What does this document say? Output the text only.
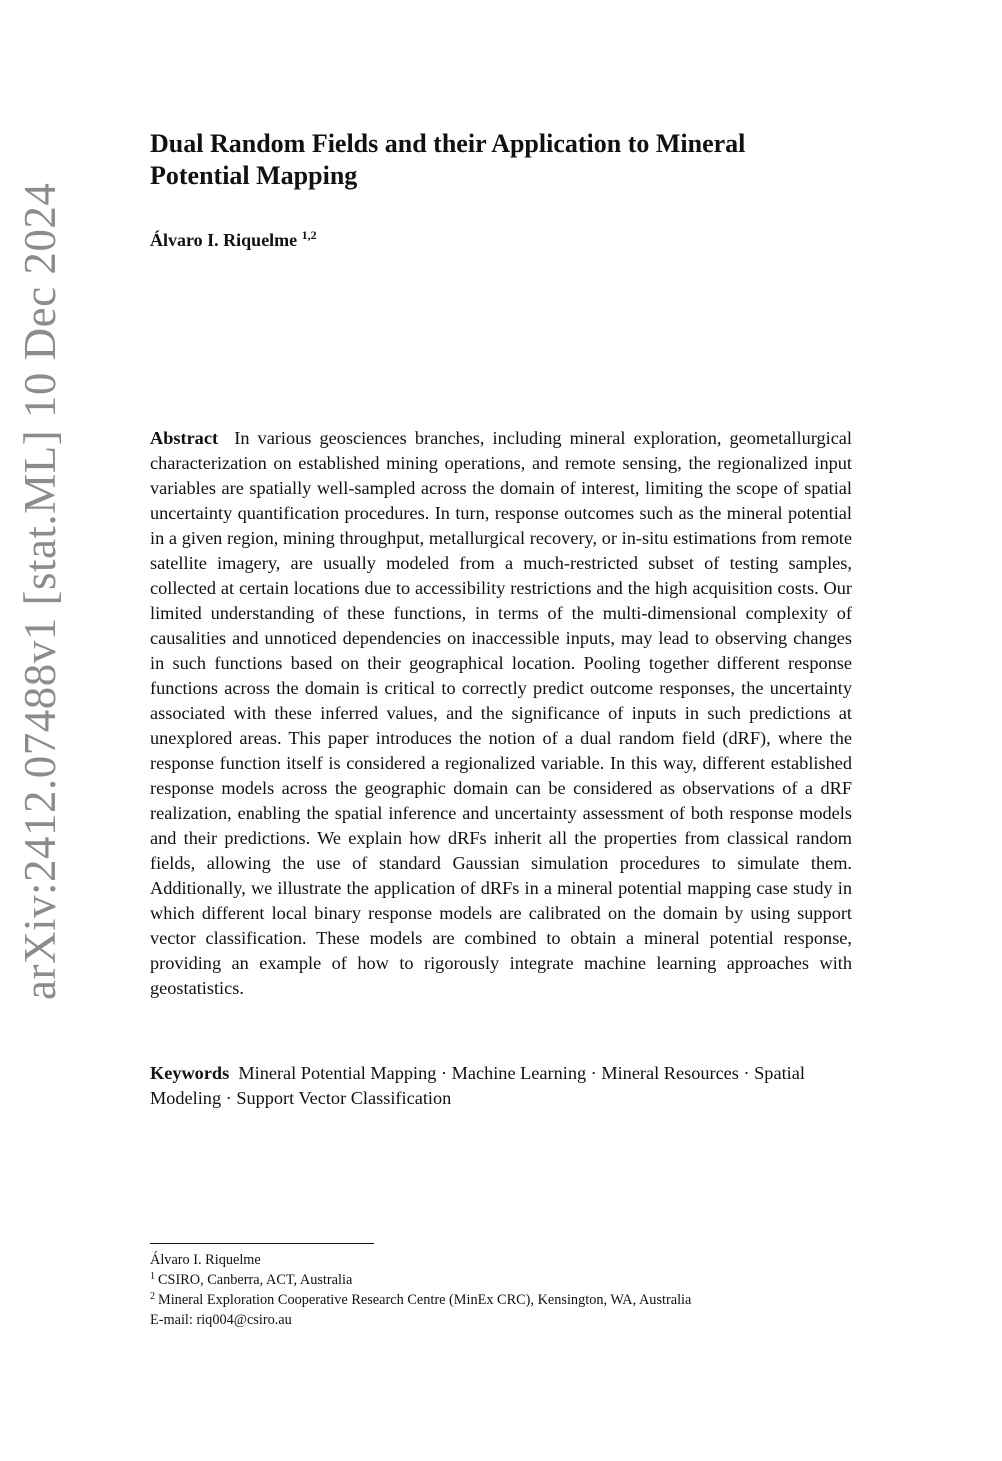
arXiv:2412.07488v1 [stat.ML] 10 Dec 2024
Dual Random Fields and their Application to Mineral Potential Mapping
Álvaro I. Riquelme $^{1,2}$

Abstract In various geosciences branches, including mineral exploration, geometallurgical characterization on established mining operations, and remote sensing, the regionalized input variables are spatially well-sampled across the domain of interest, limiting the scope of spatial uncertainty quantification procedures. In turn, response outcomes such as the mineral potential in a given region, mining throughput, metallurgical recovery, or in-situ estimations from remote satellite imagery, are usually modeled from a much-restricted subset of testing samples, collected at certain locations due to accessibility restrictions and the high acquisition costs. Our limited understanding of these functions, in terms of the multi-dimensional complexity of causalities and unnoticed dependencies on inaccessible inputs, may lead to observing changes in such functions based on their geographical location. Pooling together different response functions across the domain is critical to correctly predict outcome responses, the uncertainty associated with these inferred values, and the significance of inputs in such predictions at unexplored areas. This paper introduces the notion of a dual random field (dRF), where the response function itself is considered a regionalized variable. In this way, different established response models across the geographic domain can be considered as observations of a dRF realization, enabling the spatial inference and uncertainty assessment of both response models and their predictions. We explain how dRFs inherit all the properties from classical random fields, allowing the use of standard Gaussian simulation procedures to simulate them. Additionally, we illustrate the application of dRFs in a mineral potential mapping case study in which different local binary response models are calibrated on the domain by using support vector classification. These models are combined to obtain a mineral potential response, providing an example of how to rigorously integrate machine learning approaches with geostatistics.

Keywords Mineral Potential Mapping · Machine Learning · Mineral Resources · Spatial Modeling · Support Vector Classification

Álvaro I. Riquelme
$^1$ CSIRO, Canberra, ACT, Australia
$^2$ Mineral Exploration Cooperative Research Centre (MinEx CRC), Kensington, WA, Australia
E-mail: riq004@csiro.au
